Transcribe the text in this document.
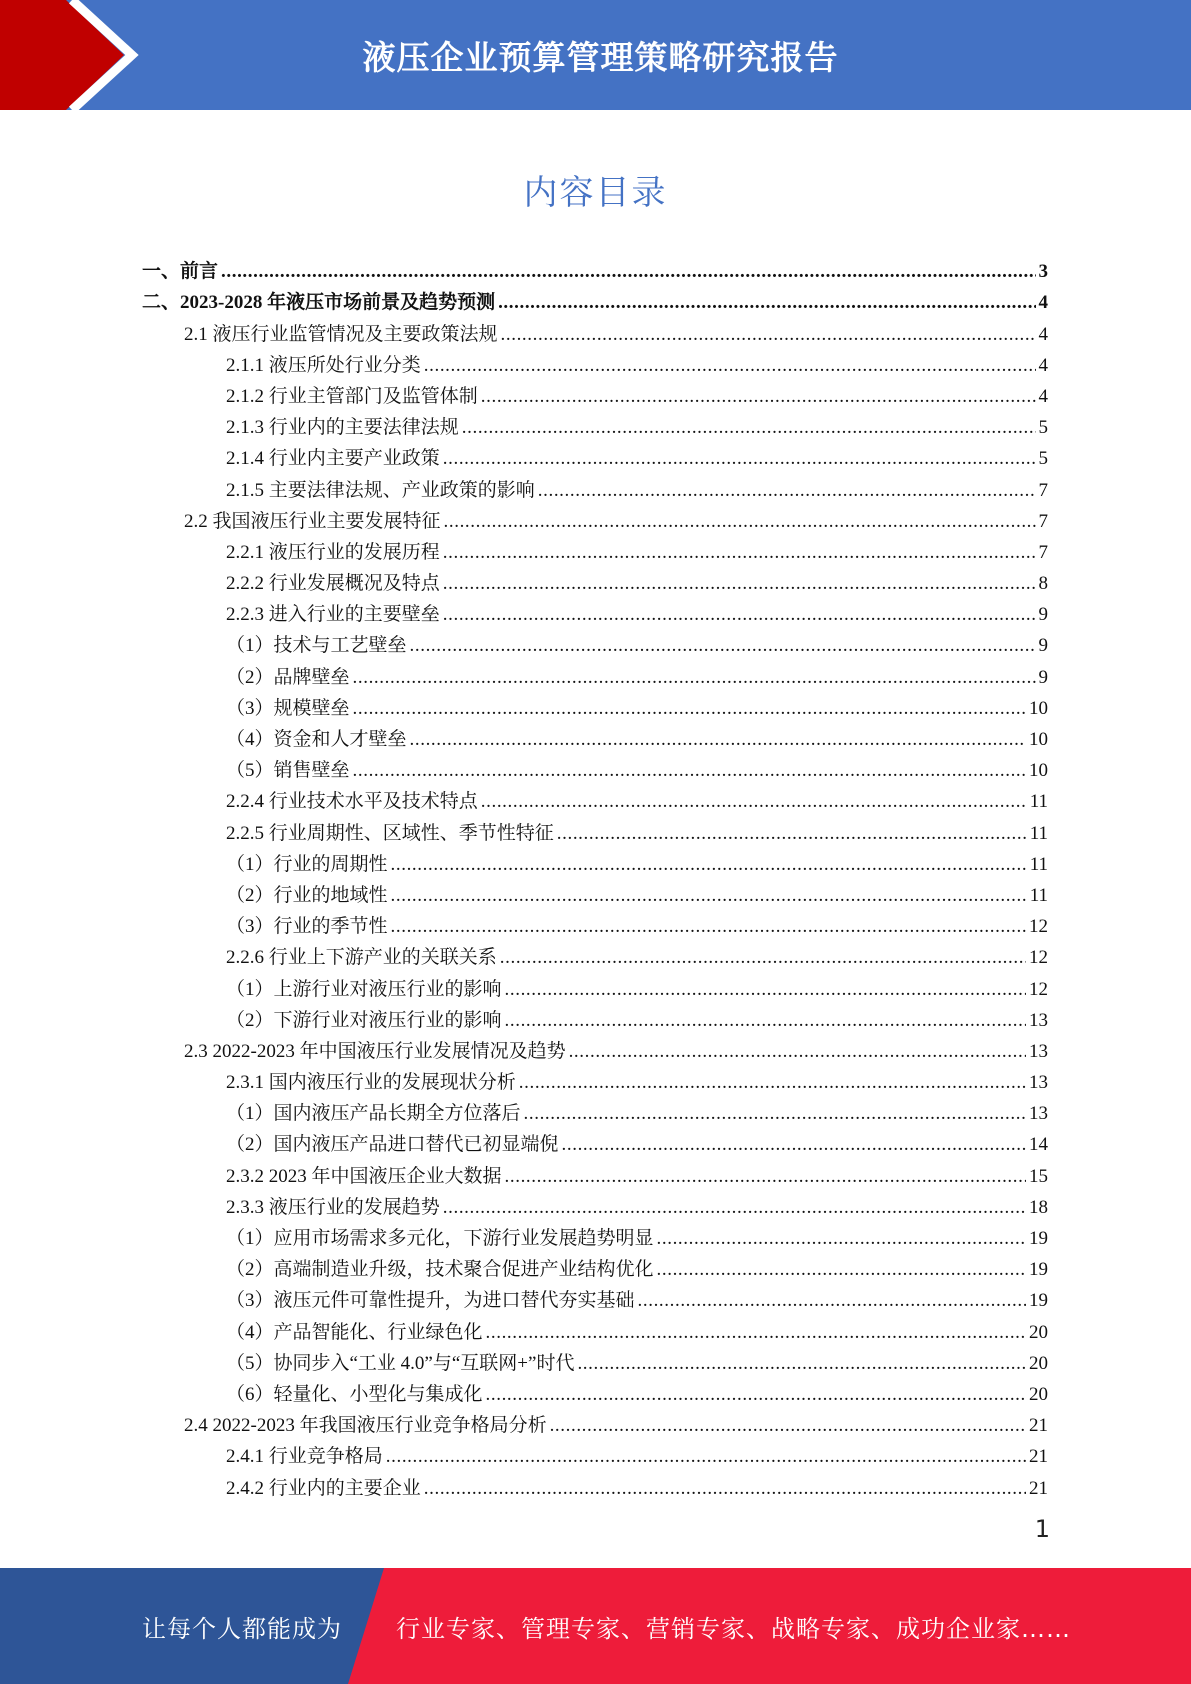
液压企业预算管理策略研究报告
内容目录
一、前言 .....	3
二、2023-2028 年液压市场前景及趋势预测 .....	4
2.1 液压行业监管情况及主要政策法规 .....	4
2.1.1 液压所处行业分类 .....	4
2.1.2 行业主管部门及监管体制 .....	4
2.1.3 行业内的主要法律法规 .....	5
2.1.4 行业内主要产业政策 .....	5
2.1.5 主要法律法规、产业政策的影响 .....	7
2.2 我国液压行业主要发展特征 .....	7
2.2.1 液压行业的发展历程 .....	7
2.2.2 行业发展概况及特点 .....	8
2.2.3 进入行业的主要壁垒 .....	9
（1）技术与工艺壁垒 .....	9
（2）品牌壁垒 .....	9
（3）规模壁垒 .....	10
（4）资金和人才壁垒 .....	10
（5）销售壁垒 .....	10
2.2.4 行业技术水平及技术特点 .....	11
2.2.5 行业周期性、区域性、季节性特征 .....	11
（1）行业的周期性 .....	11
（2）行业的地域性 .....	11
（3）行业的季节性 .....	12
2.2.6 行业上下游产业的关联关系 .....	12
（1）上游行业对液压行业的影响 .....	12
（2）下游行业对液压行业的影响 .....	13
2.3 2022-2023 年中国液压行业发展情况及趋势 .....	13
2.3.1 国内液压行业的发展现状分析 .....	13
（1）国内液压产品长期全方位落后 .....	13
（2）国内液压产品进口替代已初显端倪 .....	14
2.3.2 2023 年中国液压企业大数据 .....	15
2.3.3 液压行业的发展趋势 .....	18
（1）应用市场需求多元化，下游行业发展趋势明显 .....	19
（2）高端制造业升级，技术聚合促进产业结构优化 .....	19
（3）液压元件可靠性提升，为进口替代夯实基础 .....	19
（4）产品智能化、行业绿色化 .....	20
（5）协同步入“工业 4.0”与“互联网+”时代 .....	20
（6）轻量化、小型化与集成化 .....	20
2.4 2022-2023 年我国液压行业竞争格局分析 .....	21
2.4.1 行业竞争格局 .....	21
2.4.2 行业内的主要企业 .....	21
1
让每个人都能成为 行业专家、管理专家、营销专家、战略专家、成功企业家……
